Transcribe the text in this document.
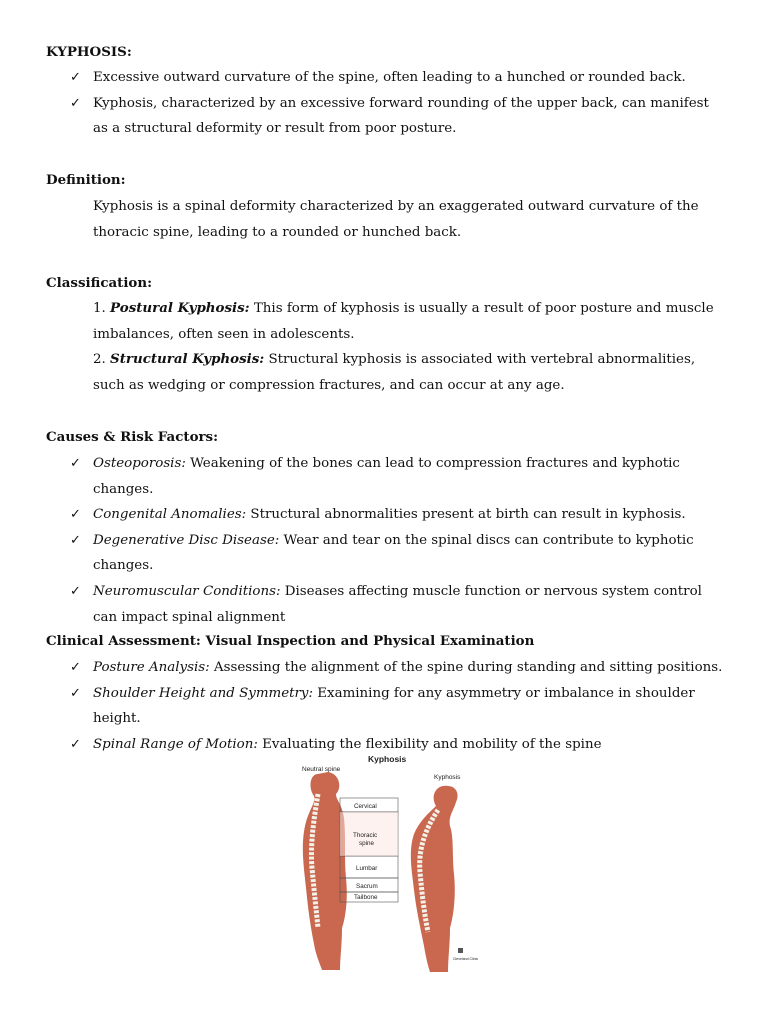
KYPHOSIS:
✓ Excessive outward curvature of the spine, often leading to a hunched or rounded back.
✓ Kyphosis, characterized by an excessive forward rounding of the upper back, can manifest as a structural deformity or result from poor posture.
Definition:
Kyphosis is a spinal deformity characterized by an exaggerated outward curvature of the thoracic spine, leading to a rounded or hunched back.
Classification:
1. Postural Kyphosis: This form of kyphosis is usually a result of poor posture and muscle imbalances, often seen in adolescents.
2. Structural Kyphosis: Structural kyphosis is associated with vertebral abnormalities, such as wedging or compression fractures, and can occur at any age.
Causes & Risk Factors:
✓ Osteoporosis: Weakening of the bones can lead to compression fractures and kyphotic changes.
✓ Congenital Anomalies: Structural abnormalities present at birth can result in kyphosis.
✓ Degenerative Disc Disease: Wear and tear on the spinal discs can contribute to kyphotic changes.
✓ Neuromuscular Conditions: Diseases affecting muscle function or nervous system control can impact spinal alignment
Clinical Assessment: Visual Inspection and Physical Examination
✓ Posture Analysis: Assessing the alignment of the spine during standing and sitting positions.
✓ Shoulder Height and Symmetry: Examining for any asymmetry or imbalance in shoulder height.
✓ Spinal Range of Motion: Evaluating the flexibility and mobility of the spine
Kyphosis
Neutral spine
Kyphosis
Cervical
Thoracic
spine
Lumbar
Sacrum
Tailbone
Cleveland Clinic
